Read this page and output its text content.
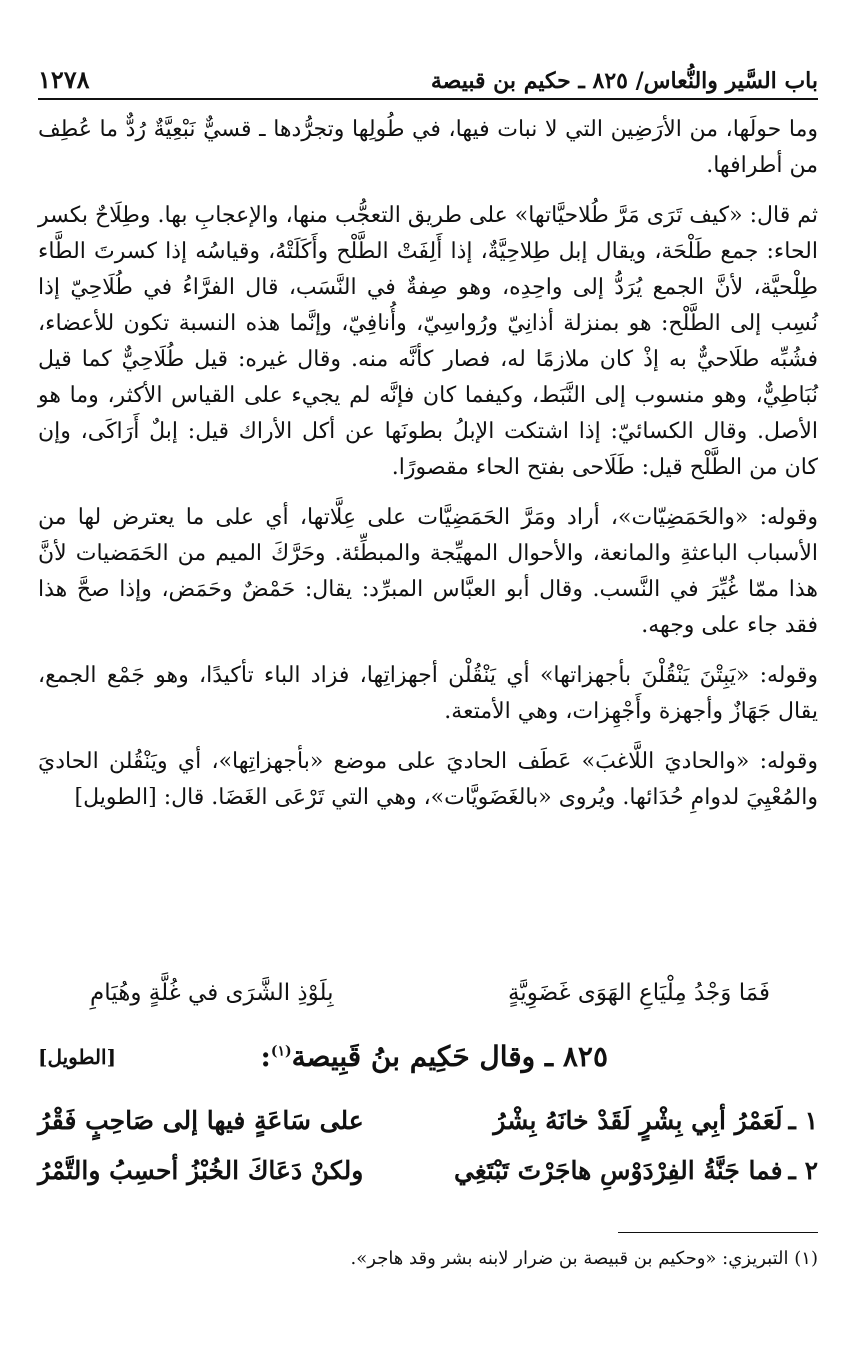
باب السَّير والنُّعاس/ ٨٢٥ ـ حكيم بن قبيصة
١٢٧٨

وما حولَها، من الأرَضِين التي لا نبات فيها، في طُولِها وتجرُّدها ـ قسيٌّ نَبْعِيَّةٌ رُدٌّ ما عُطِف من أطرافها.

ثم قال: «كيف تَرَى مَرَّ طُلاحيَّاتها» على طريق التعجُّب منها، والإعجابِ بها. وطِلَاحٌ بكسر الحاء: جمع طَلْحَة، ويقال إبل طِلاحِيَّةٌ، إذا أَلِفَتْ الطَّلْح وأَكَلَتْهُ، وقياسُه إذا كسرتَ الطَّاء طِلْحيَّة، لأنَّ الجمع يُرَدُّ إلى واحِدِه، وهو صِفةٌ في النَّسَب، قال الفرَّاءُ في طُلَاحِيّ إذا نُسِب إلى الطَّلْح: هو بمنزلة أذانِيّ ورُواسِيّ، وأُنافِيّ، وإنَّما هذه النسبة تكون للأعضاء، فشُبِّه طلَاحيٌّ به إذْ كان ملازمًا له، فصار كأنَّه منه. وقال غيره: قيل طُلَاحِيٌّ كما قيل نُبَاطِيٌّ، وهو منسوب إلى النَّبَط، وكيفما كان فإنَّه لم يجيء على القياس الأكثر، وما هو الأصل. وقال الكسائيّ: إذا اشتكت الإبلُ بطونَها عن أكل الأراك قيل: إبلٌ أَرَاكَى، وإن كان من الطَّلْح قيل: طَلَاحى بفتح الحاء مقصورًا.

وقوله: «والحَمَضِيّات»، أراد ومَرَّ الحَمَضِيَّات على عِلَّاتها، أي على ما يعترض لها من الأسباب الباعثةِ والمانعة، والأحوال المهيِّجة والمبطِّئة. وحَرَّكَ الميم من الحَمَضيات لأنَّ هذا ممّا غُيِّرَ في النَّسب. وقال أبو العبَّاس المبرِّد: يقال: حَمْضٌ وحَمَض، وإذا صحَّ هذا فقد جاء على وجهه.

وقوله: «يَبِتْنَ يَنْقُلْنَ بأجهزاتها» أي يَنْقُلْن أجهزاتِها، فزاد الباء تأكيدًا، وهو جَمْع الجمع، يقال جَهَازٌ وأجهزة وأَجْهِزات، وهي الأمتعة.

وقوله: «والحاديَ اللَّاغبَ» عَطَف الحاديَ على موضع «بأجهزاتِها»، أي ويَنْقُلن الحاديَ والمُعْيِيَ لدوامِ حُدَائها. ويُروى «بالغَضَويَّات»، وهي التي تَرْعَى الغَضَا. قال: [الطويل]

فَمَا وَجْدُ مِلْيَاعِ الهَوَى غَضَوِيَّةٍ
بِلَوْذِ الشَّرَى في غُلَّةٍ وهُيَامِ
٨٢٥ ـ وقال حَكِيم بنُ قَبِيصة$^{(١)}$:
[الطويل]
١ ـ
لَعَمْرُ أبِي بِشْرٍ لَقَدْ خانَهُ بِشْرُ
على سَاعَةٍ فيها إلى صَاحِبٍ فَقْرُ
٢ ـ
فما جَنَّةُ الفِرْدَوْسِ هاجَرْتَ تَبْتَغِي
ولكنْ دَعَاكَ الخُبْزُ أحسِبُ والتَّمْرُ
(١) التبريزي: «وحكيم بن قبيصة بن ضرار لابنه بشر وقد هاجر».
